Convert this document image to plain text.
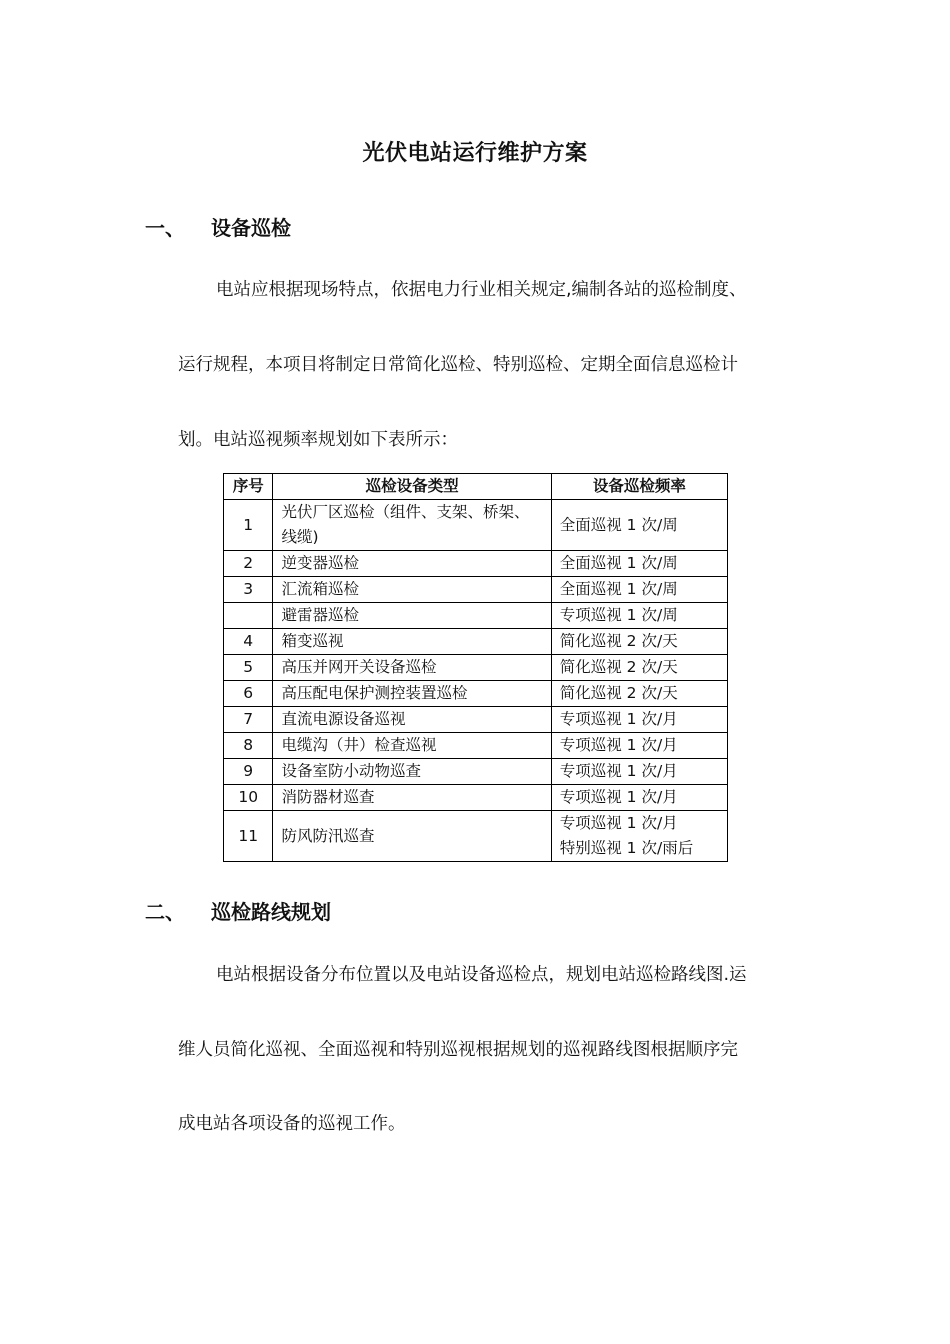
光伏电站运行维护方案
一、 设备巡检
电站应根据现场特点，依据电力行业相关规定,编制各站的巡检制度、
运行规程，本项目将制定日常简化巡检、特别巡检、定期全面信息巡检计
划。电站巡视频率规划如下表所示：
序号	巡检设备类型	设备巡检频率
1	光伏厂区巡检（组件、支架、桥架、线缆)	全面巡视 1 次/周
2	逆变器巡检	全面巡视 1 次/周
3	汇流箱巡检	全面巡视 1 次/周
	避雷器巡检	专项巡视 1 次/周
4	箱变巡视	简化巡视 2 次/天
5	高压并网开关设备巡检	简化巡视 2 次/天
6	高压配电保护测控装置巡检	简化巡视 2 次/天
7	直流电源设备巡视	专项巡视 1 次/月
8	电缆沟（井）检查巡视	专项巡视 1 次/月
9	设备室防小动物巡查	专项巡视 1 次/月
10	消防器材巡查	专项巡视 1 次/月
11	防风防汛巡查	专项巡视 1 次/月
特别巡视 1 次/雨后
二、 巡检路线规划
电站根据设备分布位置以及电站设备巡检点，规划电站巡检路线图.运
维人员简化巡视、全面巡视和特别巡视根据规划的巡视路线图根据顺序完
成电站各项设备的巡视工作。
